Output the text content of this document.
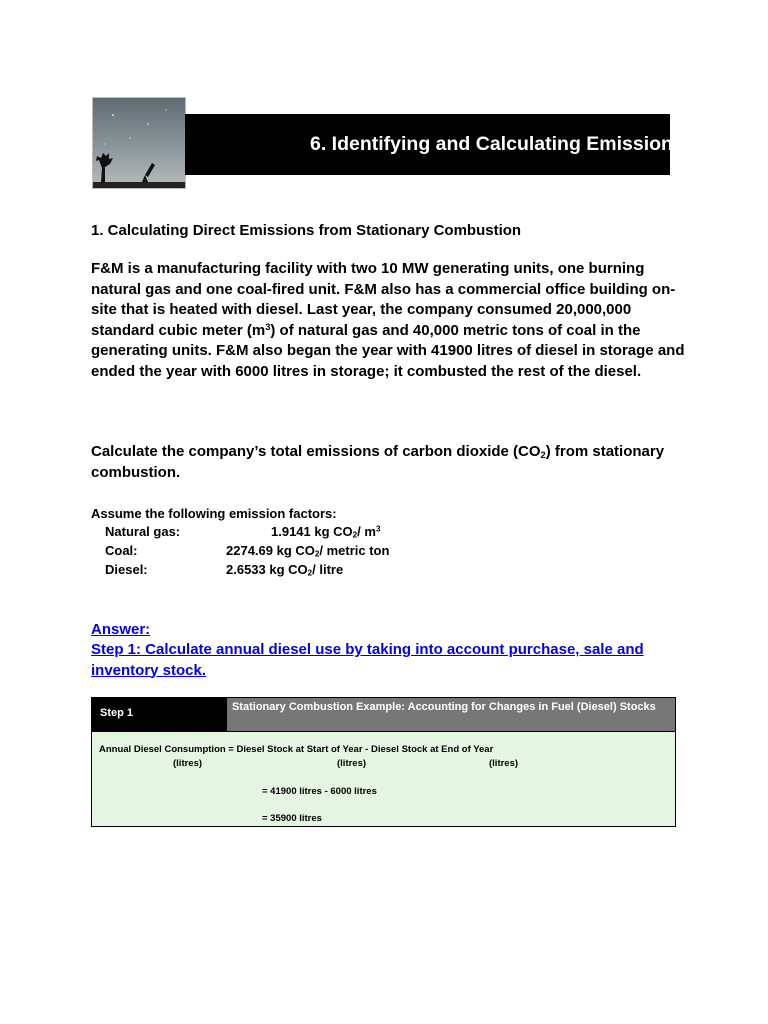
6. Identifying and Calculating Emissions
1. Calculating Direct Emissions from Stationary Combustion

F&M is a manufacturing facility with two 10 MW generating units, one burning natural gas and one coal-fired unit. F&M also has a commercial office building on-site that is heated with diesel. Last year, the company consumed 20,000,000 standard cubic meter $(m^3)$ of natural gas and 40,000 metric tons of coal in the generating units. F&M also began the year with 41900 litres of diesel in storage and ended the year with 6000 litres in storage; it combusted the rest of the diesel.

Calculate the company’s total emissions of carbon dioxide $(CO_2)$ from stationary combustion.

Assume the following emission factors:
Natural gas:	1.9141 kg $CO_2/$ $m^3$
Coal:	2274.69 kg $CO_2/$ metric ton
Diesel:	2.6533 kg $CO_2/$ litre
Answer:

Step 1: Calculate annual diesel use by taking into account purchase, sale and inventory stock.

Step 1	Stationary Combustion Example: Accounting for Changes in Fuel (Diesel) Stocks
Annual Diesel Consumption = Diesel Stock at Start of Year - Diesel Stock at End of Year
(litres)	(litres)	(litres)
= 41900 litres - 6000 litres
= 35900 litres
